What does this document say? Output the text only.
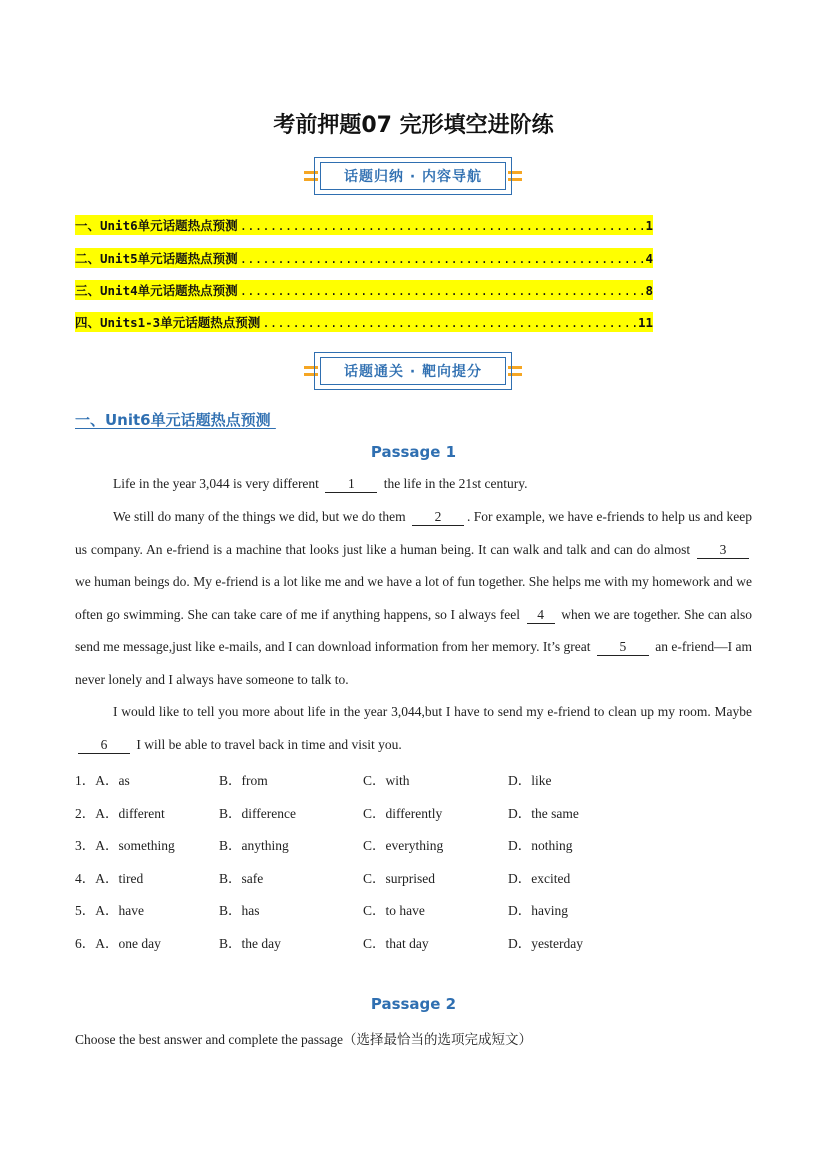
考前押题07 完形填空进阶练
话题归纳 · 内容导航
一、Unit6单元话题热点预测 .....	1
二、Unit5单元话题热点预测 .....	4
三、Unit4单元话题热点预测 .....	8
四、Units1-3单元话题热点预测 .....	11
话题通关 · 靶向提分
一、Unit6单元话题热点预测
Passage 1
Life in the year 3,044 is very different 1 the life in the 21st century.
We still do many of the things we did, but we do them 2 . For example, we have e-friends to help us and keep us company. An e-friend is a machine that looks just like a human being. It can walk and talk and can do almost 3 we human beings do. My e-friend is a lot like me and we have a lot of fun together. She helps me with my homework and we often go swimming. She can take care of me if anything happens, so I always feel 4 when we are together. She can also send me message,just like e-mails, and I can download information from her memory. It’s great 5 an e-friend—I am never lonely and I always have someone to talk to.
I would like to tell you more about life in the year 3,044,but I have to send my e-friend to clean up my room. Maybe 6 I will be able to travel back in time and visit you.
1．A．as	B．from	C．with	D．like
2．A．different	B．difference	C．differently	D．the same
3．A．something	B．anything	C．everything	D．nothing
4．A．tired	B．safe	C．surprised	D．excited
5．A．have	B．has	C．to have	D．having
6．A．one day	B．the day	C．that day	D．yesterday
Passage 2
Choose the best answer and complete the passage（选择最恰当的选项完成短文）
